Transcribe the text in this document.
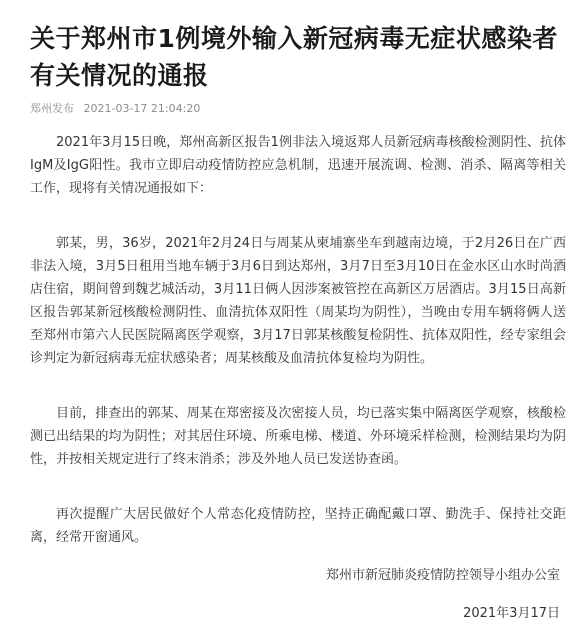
关于郑州市1例境外输入新冠病毒无症状感染者有关情况的通报
郑州发布 2021-03-17 21:04:20

2021年3月15日晚，郑州高新区报告1例非法入境返郑人员新冠病毒核酸检测阴性、抗体IgM及IgG阳性。我市立即启动疫情防控应急机制，迅速开展流调、检测、消杀、隔离等相关工作，现将有关情况通报如下：

郭某，男，36岁，2021年2月24日与周某从柬埔寨坐车到越南边境，于2月26日在广西非法入境，3月5日租用当地车辆于3月6日到达郑州，3月7日至3月10日在金水区山水时尚酒店住宿，期间曾到魏艺城活动，3月11日俩人因涉案被管控在高新区万居酒店。3月15日高新区报告郭某新冠核酸检测阴性、血清抗体双阳性（周某均为阴性），当晚由专用车辆将俩人送至郑州市第六人民医院隔离医学观察，3月17日郭某核酸复检阴性、抗体双阳性，经专家组会诊判定为新冠病毒无症状感染者；周某核酸及血清抗体复检均为阴性。

目前，排查出的郭某、周某在郑密接及次密接人员，均已落实集中隔离医学观察，核酸检测已出结果的均为阴性；对其居住环境、所乘电梯、楼道、外环境采样检测，检测结果均为阴性，并按相关规定进行了终末消杀；涉及外地人员已发送协查函。

再次提醒广大居民做好个人常态化疫情防控，坚持正确配戴口罩、勤洗手、保持社交距离，经常开窗通风。

郑州市新冠肺炎疫情防控领导小组办公室

2021年3月17日
